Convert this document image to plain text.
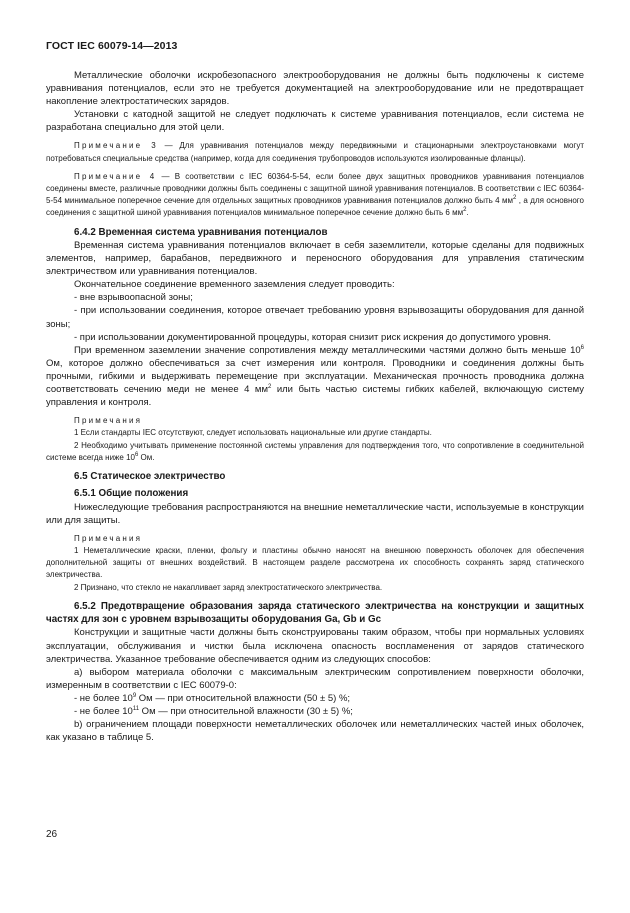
ГОСТ IEC 60079-14—2013

Металлические оболочки искробезопасного электрооборудования не должны быть подключены к системе уравнивания потенциалов, если это не требуется документацией на электрооборудование или не предотвращает накопление электростатических зарядов.

Установки с катодной защитой не следует подключать к системе уравнивания потенциалов, если система не разработана специально для этой цели.

Примечание 3 — Для уравнивания потенциалов между передвижными и стационарными электроустановками могут потребоваться специальные средства (например, когда для соединения трубопроводов используются изолированные фланцы).
Примечание 4 — В соответствии с IEC 60364-5-54, если более двух защитных проводников уравнивания потенциалов соединены вместе, различные проводники должны быть соединены с защитной шиной уравнивания потенциалов. В соответствии с IEC 60364-5-54 минимальное поперечное сечение для отдельных защитных проводников уравнивания потенциалов должно быть 4 $мм^2$ , а для основного соединения с защитной шиной уравнивания потенциалов минимальное поперечное сечение должно быть 6 $мм^2$.
6.4.2 Временная система уравнивания потенциалов

Временная система уравнивания потенциалов включает в себя заземлители, которые сделаны для подвижных элементов, например, барабанов, передвижного и переносного оборудования для управления статическим электричеством или уравнивания потенциалов.

Окончательное соединение временного заземления следует проводить:

- вне взрывоопасной зоны;

- при использовании соединения, которое отвечает требованию уровня взрывозащиты оборудования для данной зоны;

- при использовании документированной процедуры, которая снизит риск искрения до допустимого уровня.

При временном заземлении значение сопротивления между металлическими частями должно быть меньше $10^6$ Ом, которое должно обеспечиваться за счет измерения или контроля. Проводники и соединения должны быть прочными, гибкими и выдерживать перемещение при эксплуатации. Механическая прочность проводника должна соответствовать сечению меди не менее 4 $мм^2$ или быть частью системы гибких кабелей, включающую систему управления и контроля.

Примечания
1 Если стандарты IEC отсутствуют, следует использовать национальные или другие стандарты.
2 Необходимо учитывать применение постоянной системы управления для подтверждения того, что сопротивление в соединительной системе всегда ниже $10^6$ Ом.
6.5 Статическое электричество
6.5.1 Общие положения

Нижеследующие требования распространяются на внешние неметаллические части, используемые в конструкции или для защиты.

Примечания
1 Неметаллические краски, пленки, фольгу и пластины обычно наносят на внешнюю поверхность оболочек для обеспечения дополнительной защиты от внешних воздействий. В настоящем разделе рассмотрена их способность сохранять заряд статического электричества.
2 Признано, что стекло не накапливает заряд электростатического электричества.
6.5.2 Предотвращение образования заряда статического электричества на конструкции и защитных частях для зон с уровнем взрывозащиты оборудования Ga, Gb и Gc

Конструкции и защитные части должны быть сконструированы таким образом, чтобы при нормальных условиях эксплуатации, обслуживания и чистки была исключена опасность воспламенения от зарядов статического электричества. Указанное требование обеспечивается одним из следующих способов:

а) выбором материала оболочки с максимальным электрическим сопротивлением поверхности оболочки, измеренным в соответствии с IEC 60079-0:

- не более $10^9$ Ом — при относительной влажности (50 ± 5) %;

- не более $10^{11}$ Ом — при относительной влажности (30 ± 5) %;

b) ограничением площади поверхности неметаллических оболочек или неметаллических частей иных оболочек, как указано в таблице 5.

26
